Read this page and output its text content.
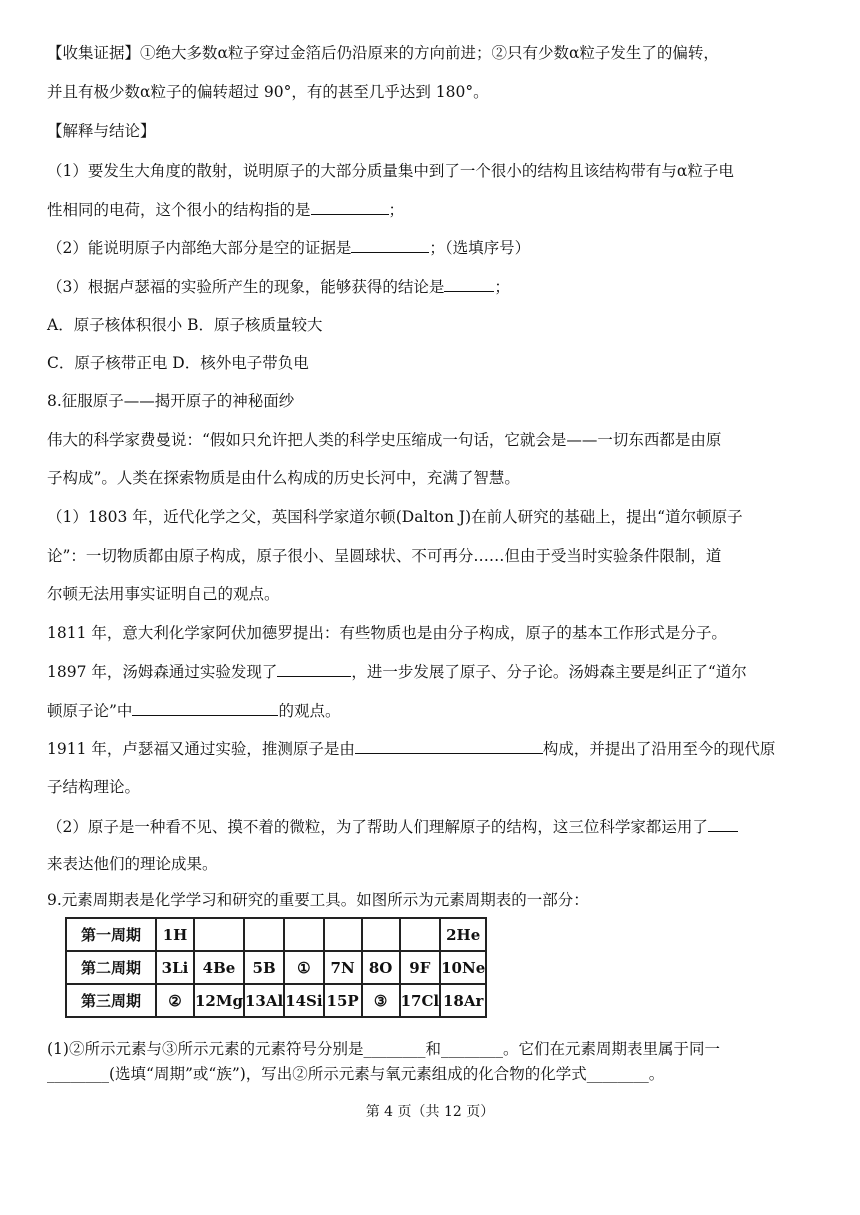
【收集证据】①绝大多数α粒子穿过金箔后仍沿原来的方向前进；②只有少数α粒子发生了的偏转，
并且有极少数α粒子的偏转超过 90°，有的甚至几乎达到 180°。
【解释与结论】
（1）要发生大角度的散射，说明原子的大部分质量集中到了一个很小的结构且该结构带有与α粒子电
性相同的电荷，这个很小的结构指的是	；
（2）能说明原子内部绝大部分是空的证据是	；（选填序号）
（3）根据卢瑟福的实验所产生的现象，能够获得的结论是	；
A．原子核体积很小 B．原子核质量较大
C．原子核带正电 D．核外电子带负电
8.征服原子——揭开原子的神秘面纱
伟大的科学家费曼说：“假如只允许把人类的科学史压缩成一句话，它就会是——一切东西都是由原
子构成”。人类在探索物质是由什么构成的历史长河中，充满了智慧。
（1）1803 年，近代化学之父，英国科学家道尔顿(Dalton J)在前人研究的基础上，提出“道尔顿原子
论”：一切物质都由原子构成，原子很小、呈圆球状、不可再分……但由于受当时实验条件限制，道
尔顿无法用事实证明自己的观点。
1811 年，意大利化学家阿伏加德罗提出：有些物质也是由分子构成，原子的基本工作形式是分子。
1897 年，汤姆森通过实验发现了	，进一步发展了原子、分子论。汤姆森主要是纠正了“道尔
顿原子论”中	的观点。
1911 年，卢瑟福又通过实验，推测原子是由	构成，并提出了沿用至今的现代原
子结构理论。
（2）原子是一种看不见、摸不着的微粒，为了帮助人们理解原子的结构，这三位科学家都运用了
来表达他们的理论成果。
9.元素周期表是化学学习和研究的重要工具。如图所示为元素周期表的一部分：
第一周期	1H							2He
第二周期	3Li	4Be	5B	①	7N	8O	9F	10Ne
第三周期	②	12Mg	13Al	14Si	15P	③	17Cl	18Ar
(1)②所示元素与③所示元素的元素符号分别是________和________。它们在元素周期表里属于同一
________(选填“周期”或“族”)，写出②所示元素与氧元素组成的化合物的化学式________。
第 4 页（共 12 页）
